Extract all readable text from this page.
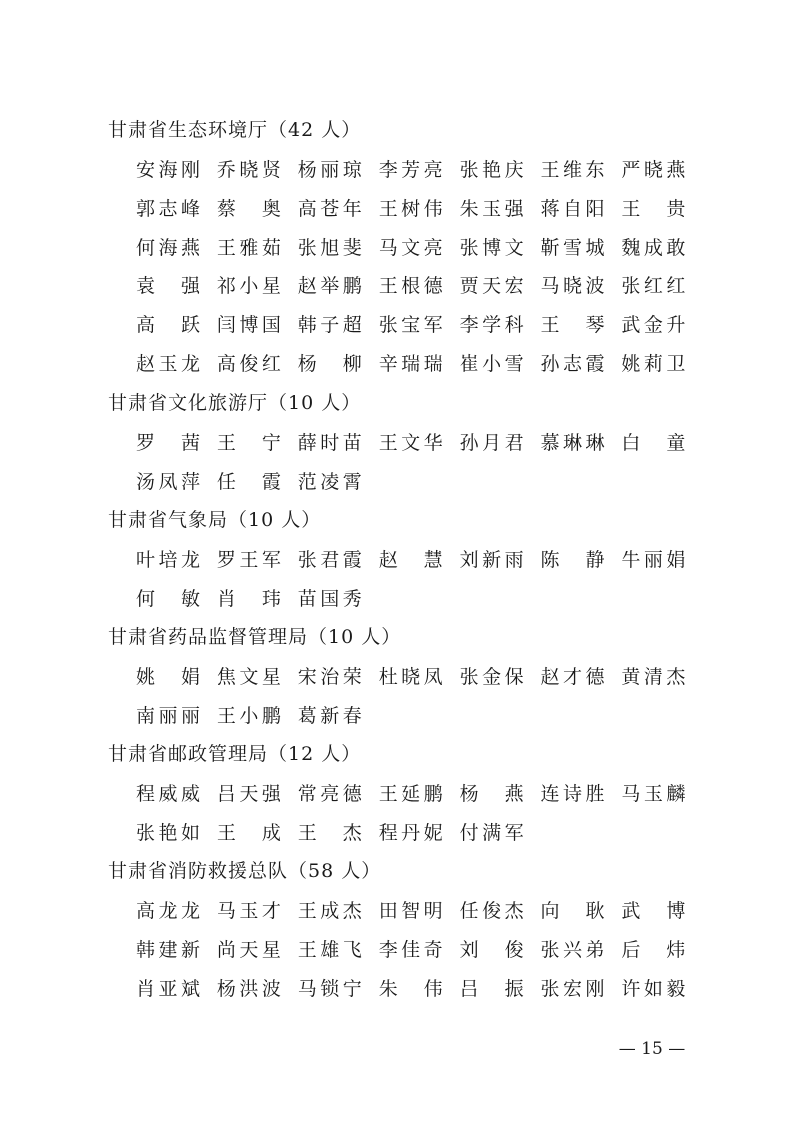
甘肃省生态环境厅（42 人）
安海刚 乔晓贤 杨丽琼 李芳亮 张艳庆 王维东 严晓燕
郭志峰 蔡 奥 高苍年 王树伟 朱玉强 蒋自阳 王 贵
何海燕 王雅茹 张旭斐 马文亮 张博文 靳雪城 魏成敢
袁 强 祁小星 赵举鹏 王根德 贾天宏 马晓波 张红红
高 跃 闫博国 韩子超 张宝军 李学科 王 琴 武金升
赵玉龙 高俊红 杨 柳 辛瑞瑞 崔小雪 孙志霞 姚莉卫
甘肃省文化旅游厅（10 人）
罗 茜 王 宁 薛时苗 王文华 孙月君 慕琳琳 白 童
汤凤萍 任 霞 范凌霄
甘肃省气象局（10 人）
叶培龙 罗王军 张君霞 赵 慧 刘新雨 陈 静 牛丽娟
何 敏 肖 玮 苗国秀
甘肃省药品监督管理局（10 人）
姚 娟 焦文星 宋治荣 杜晓凤 张金保 赵才德 黄清杰
南丽丽 王小鹏 葛新春
甘肃省邮政管理局（12 人）
程威威 吕天强 常亮德 王延鹏 杨 燕 连诗胜 马玉麟
张艳如 王 成 王 杰 程丹妮 付满军
甘肃省消防救援总队（58 人）
高龙龙 马玉才 王成杰 田智明 任俊杰 向 耿 武 博
韩建新 尚天星 王雄飞 李佳奇 刘 俊 张兴弟 后 炜
肖亚斌 杨洪波 马锁宁 朱 伟 吕 振 张宏刚 许如毅
— 15 —
